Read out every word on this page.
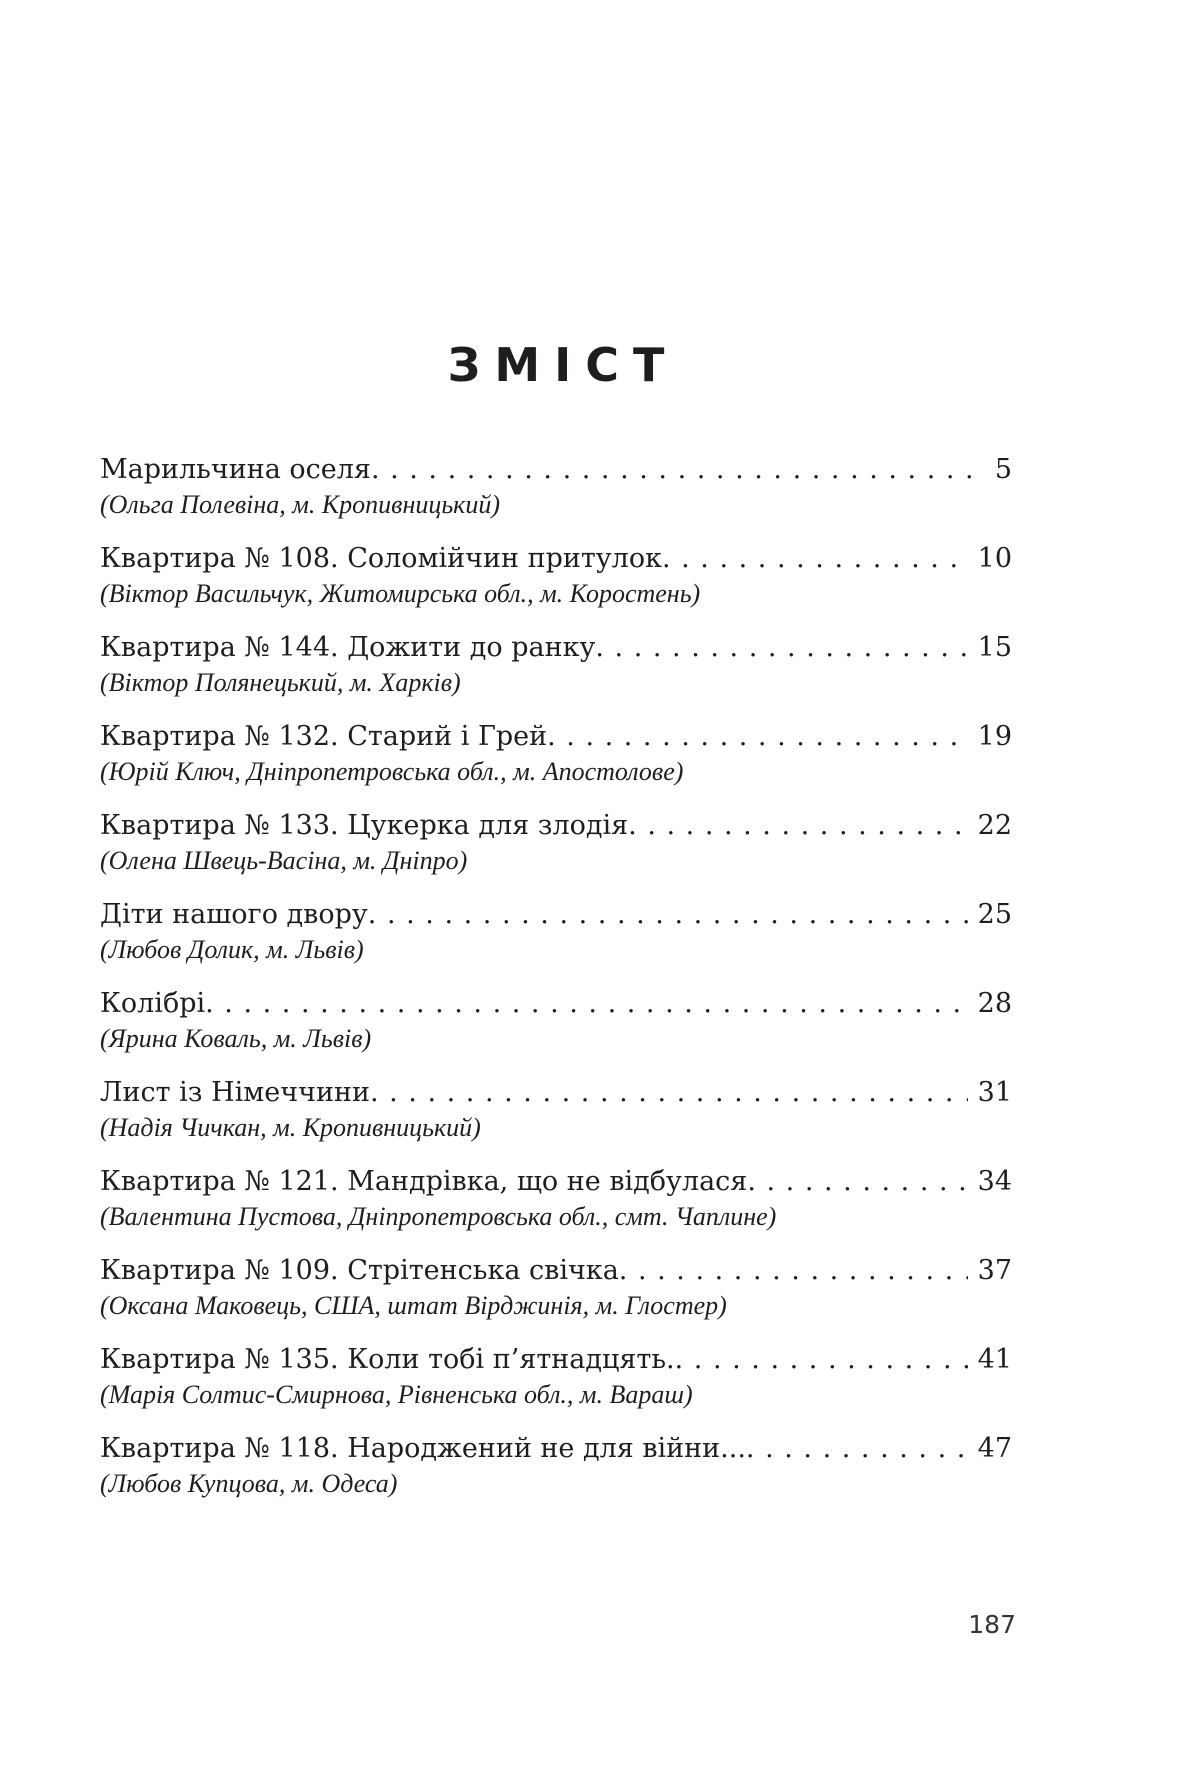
ЗМІСТ
Марильчина оселя . . .	5
(Ольга Полевіна, м. Кропивницький)
Квартира № 108. Соломійчин притулок . . .	10
(Віктор Васильчук, Житомирська обл., м. Коростень)
Квартира № 144. Дожити до ранку . . .	15
(Віктор Полянецький, м. Харків)
Квартира № 132. Старий і Грей . . .	19
(Юрій Ключ, Дніпропетровська обл., м. Апостолове)
Квартира № 133. Цукерка для злодія . . .	22
(Олена Швець-Васіна, м. Дніпро)
Діти нашого двору . . .	25
(Любов Долик, м. Львів)
Колібрі . . .	28
(Ярина Коваль, м. Львів)
Лист із Німеччини . . .	31
(Надія Чичкан, м. Кропивницький)
Квартира № 121. Мандрівка, що не відбулася . . .	34
(Валентина Пустова, Дніпропетровська обл., смт. Чаплине)
Квартира № 109. Стрітенська свічка . . .	37
(Оксана Маковець, США, штат Вірджинія, м. Глостер)
Квартира № 135. Коли тобі п’ятнадцять. . . .	41
(Марія Солтис-Смирнова, Рівненська обл., м. Вараш)
Квартира № 118. Народжений не для війни... . . .	47
(Любов Купцова, м. Одеса)
187
